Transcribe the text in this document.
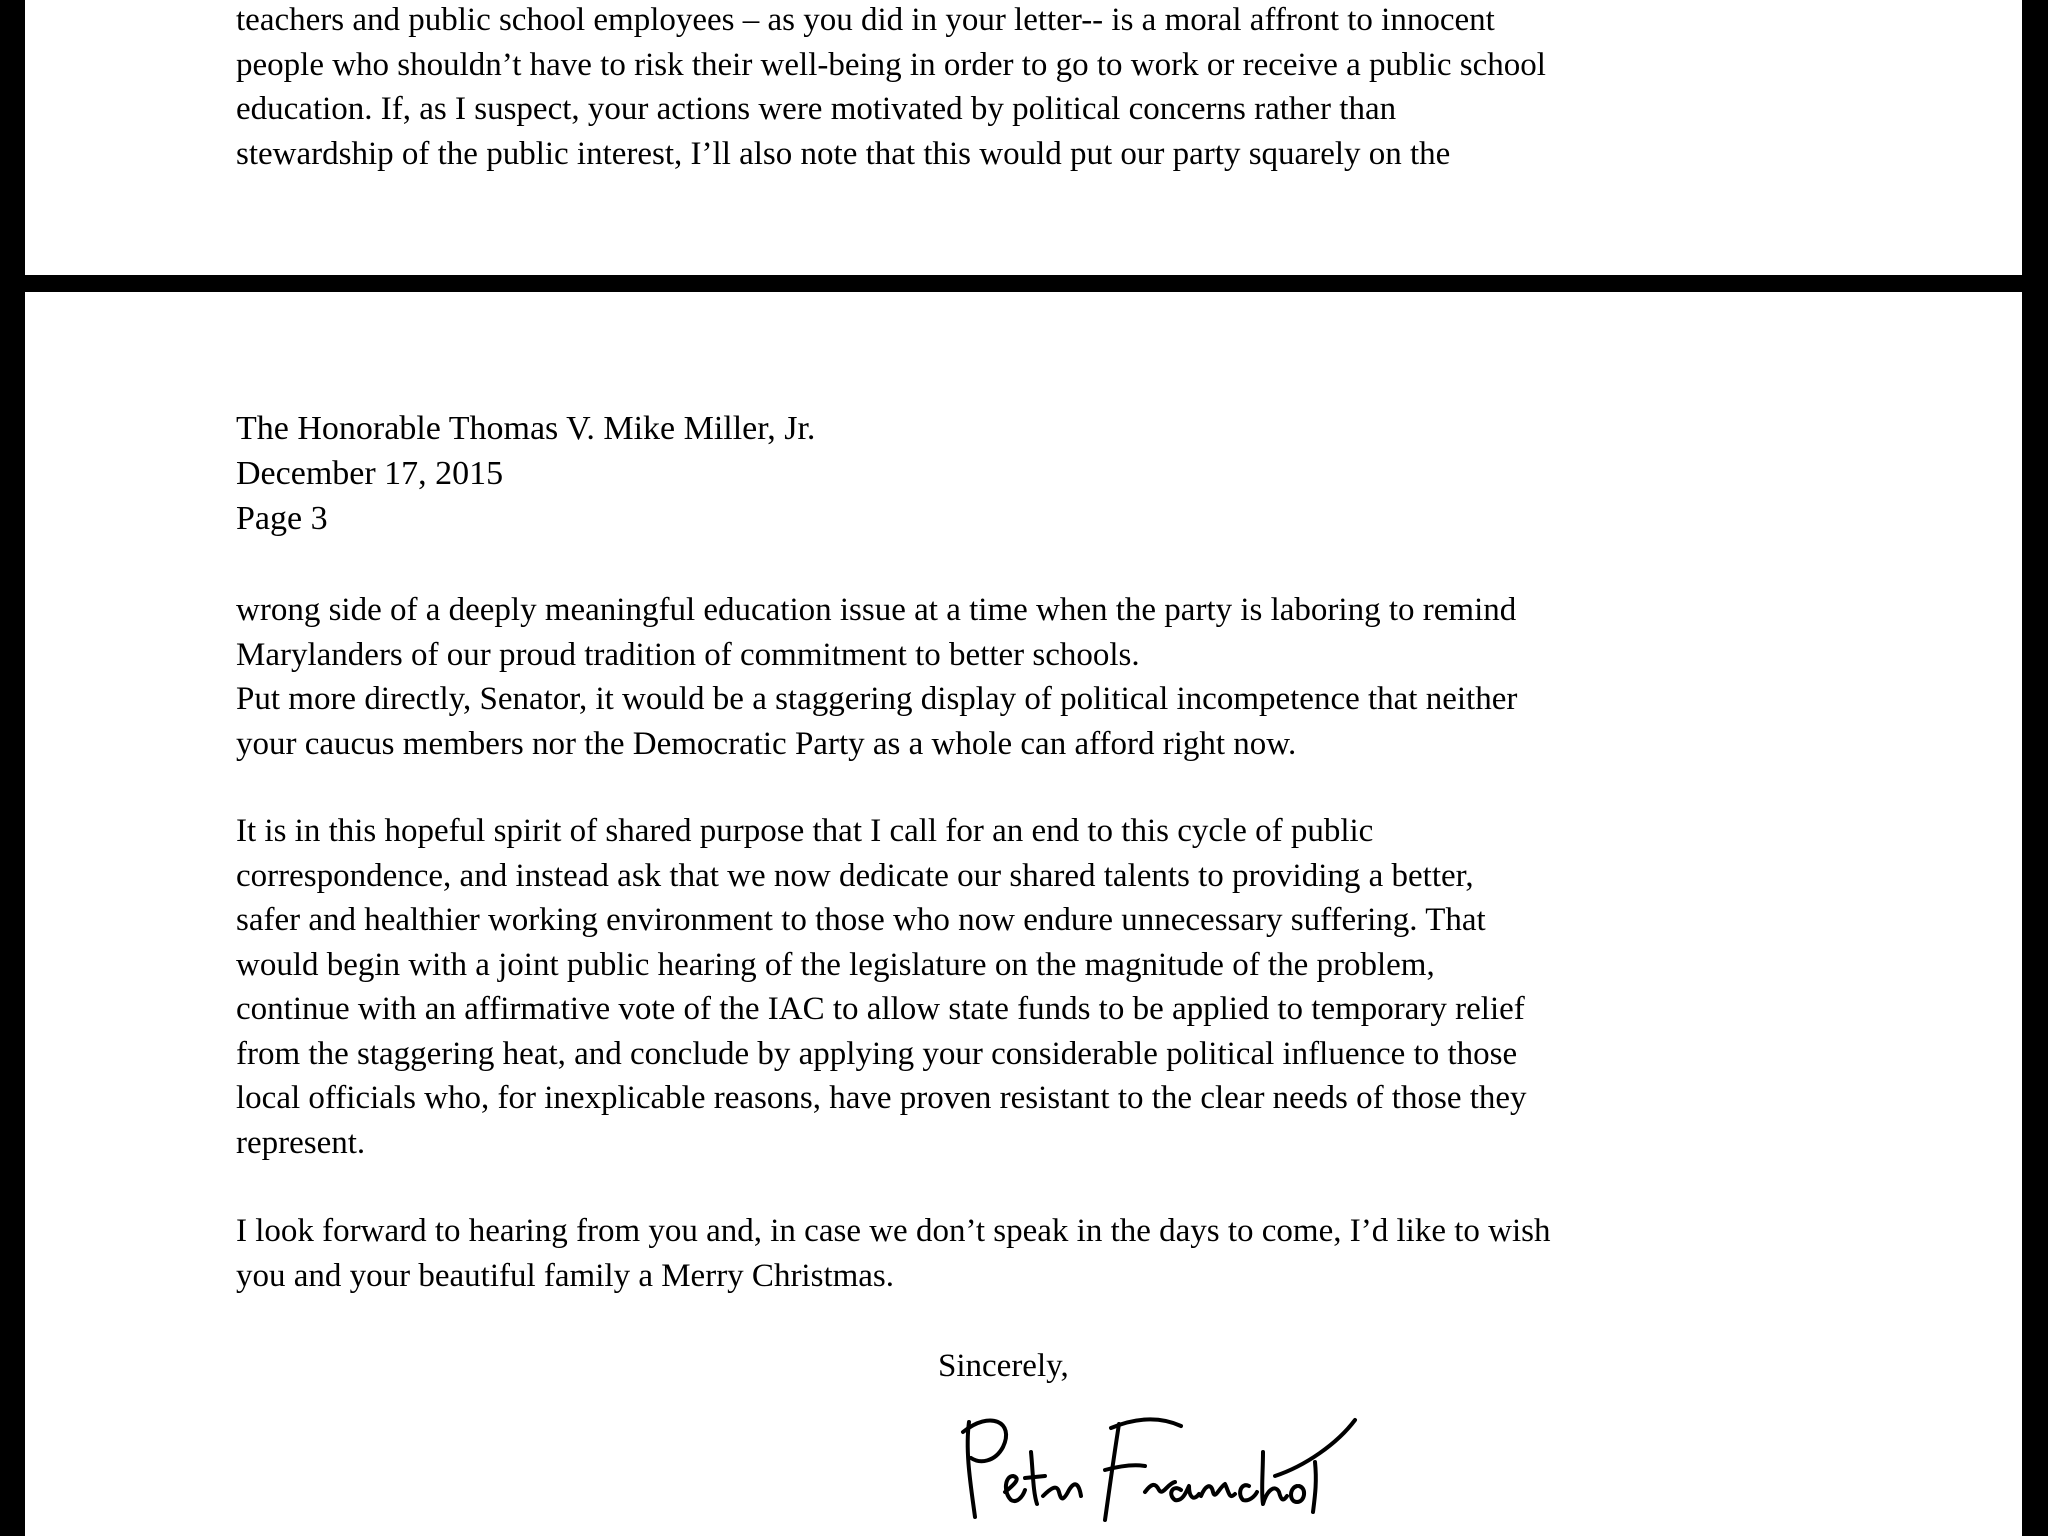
teachers and public school employees – as you did in your letter-- is a moral affront to innocent
people who shouldn’t have to risk their well-being in order to go to work or receive a public school
education. If, as I suspect, your actions were motivated by political concerns rather than
stewardship of the public interest, I’ll also note that this would put our party squarely on the
The Honorable Thomas V. Mike Miller, Jr.
December 17, 2015
Page 3
wrong side of a deeply meaningful education issue at a time when the party is laboring to remind
Marylanders of our proud tradition of commitment to better schools.
Put more directly, Senator, it would be a staggering display of political incompetence that neither
your caucus members nor the Democratic Party as a whole can afford right now.
It is in this hopeful spirit of shared purpose that I call for an end to this cycle of public
correspondence, and instead ask that we now dedicate our shared talents to providing a better,
safer and healthier working environment to those who now endure unnecessary suffering. That
would begin with a joint public hearing of the legislature on the magnitude of the problem,
continue with an affirmative vote of the IAC to allow state funds to be applied to temporary relief
from the staggering heat, and conclude by applying your considerable political influence to those
local officials who, for inexplicable reasons, have proven resistant to the clear needs of those they
represent.
I look forward to hearing from you and, in case we don’t speak in the days to come, I’d like to wish
you and your beautiful family a Merry Christmas.
Sincerely,
